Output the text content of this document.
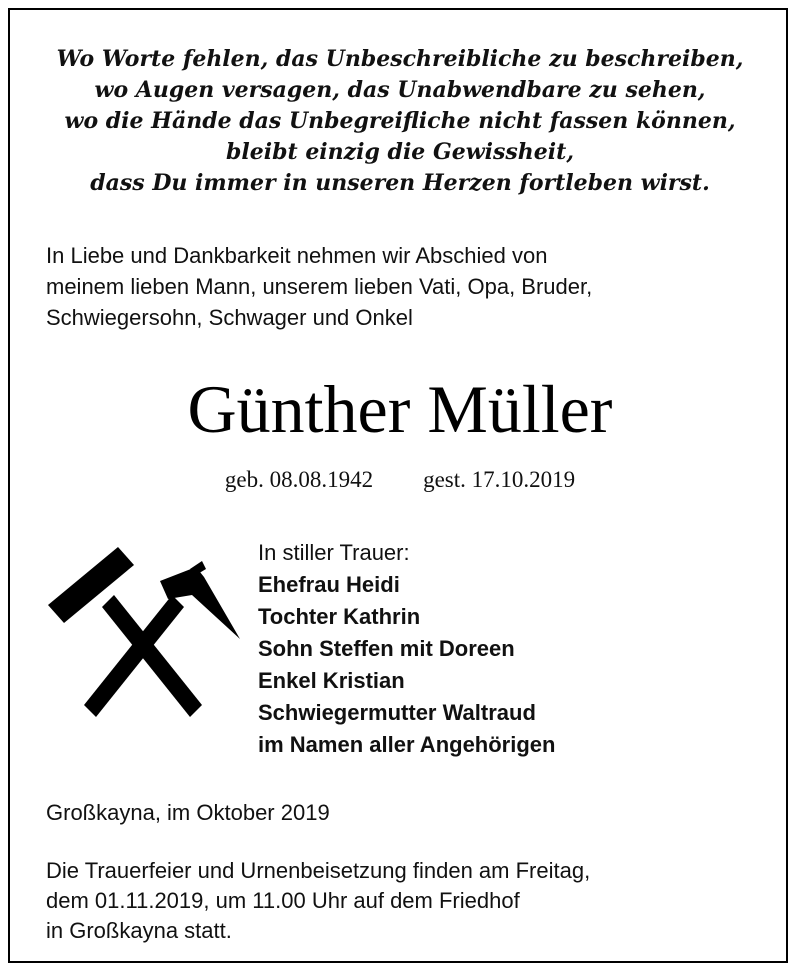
Wo Worte fehlen, das Unbeschreibliche zu beschreiben,
wo Augen versagen, das Unabwendbare zu sehen,
wo die Hände das Unbegreifliche nicht fassen können,
bleibt einzig die Gewissheit,
dass Du immer in unseren Herzen fortleben wirst.
In Liebe und Dankbarkeit nehmen wir Abschied von
meinem lieben Mann, unserem lieben Vati, Opa, Bruder,
Schwiegersohn, Schwager und Onkel
Günther Müller
geb. 08.08.1942 gest. 17.10.2019
In stiller Trauer:
Ehefrau Heidi
Tochter Kathrin
Sohn Steffen mit Doreen
Enkel Kristian
Schwiegermutter Waltraud
im Namen aller Angehörigen
Großkayna, im Oktober 2019
Die Trauerfeier und Urnenbeisetzung finden am Freitag,
dem 01.11.2019, um 11.00 Uhr auf dem Friedhof
in Großkayna statt.
